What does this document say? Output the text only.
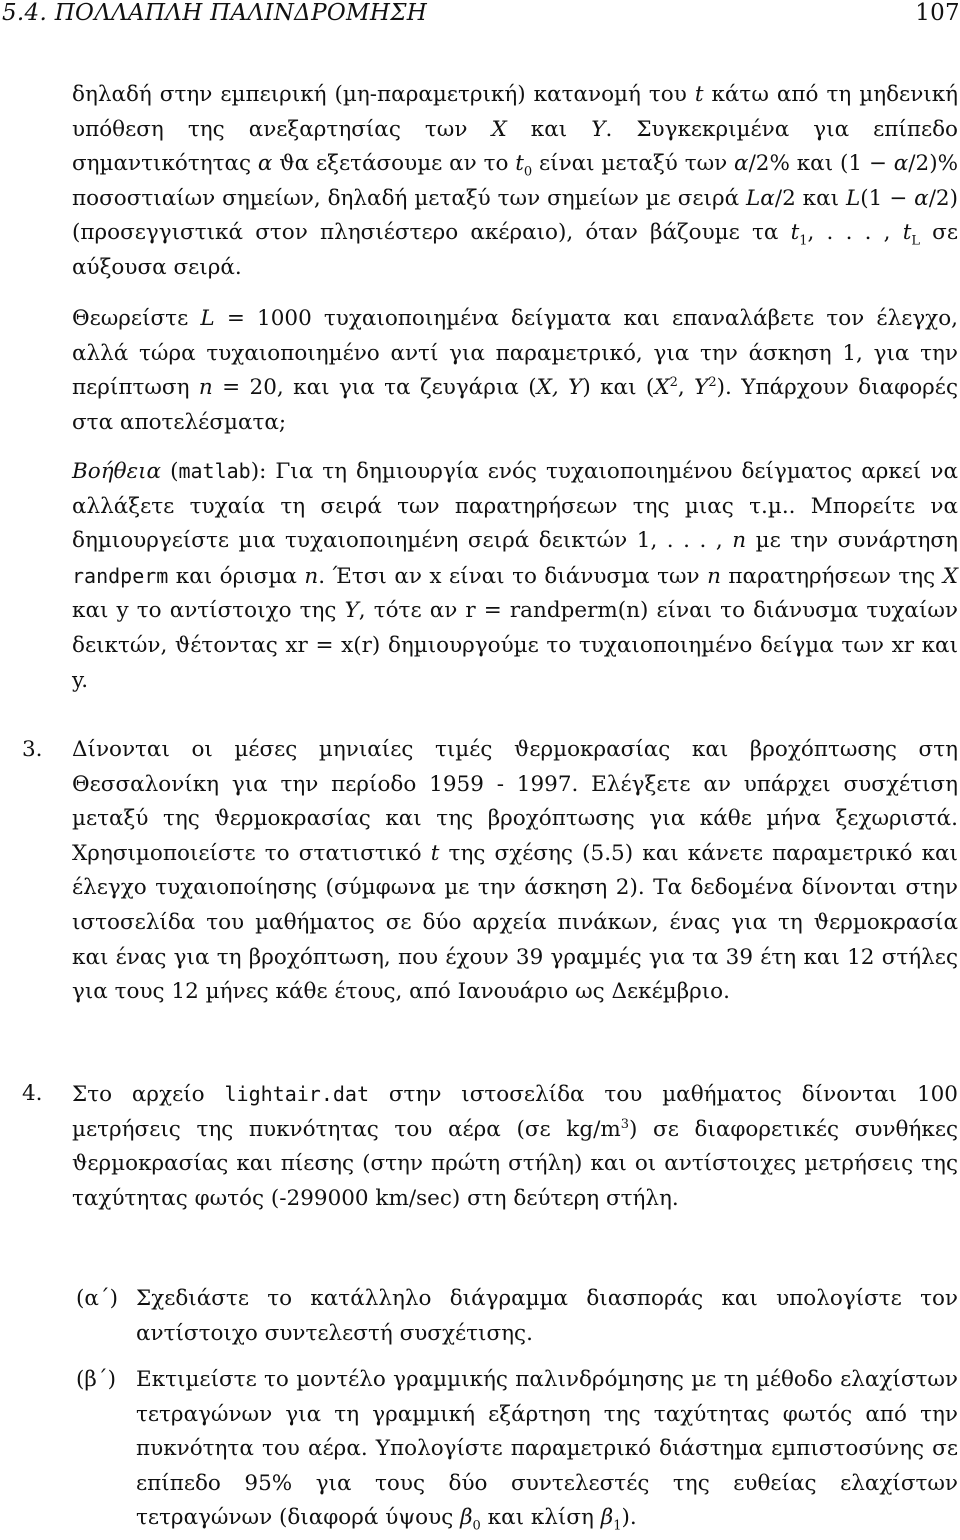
5.4. ΠΟΛΛΑΠΛΗ ΠΑΛΙΝΔΡΟΜΗΣΗ	107

δηλαδή στην εµπειρική (µη-παραµετρική) κατανοµή του t κάτω από τη µηδενική υπόθεση της ανεξαρτησίας των X και Y. Συγκεκριµένα για επίπεδο σηµαντικότητας α ϑα εξετάσουµε αν το $t_0$ είναι µεταξύ των α/2% και (1 − α/2)% ποσοστιαίων σηµείων, δηλαδή µεταξύ των σηµείων µε σειρά Lα/2 και L(1 − α/2) (προσεγγιστικά στον πλησιέστερο ακέραιο), όταν βάζουµε τα $t_1$, . . . , $t_L$ σε αύξουσα σειρά.

Θεωρείστε L = 1000 τυχαιοποιηµένα δείγµατα και επαναλάβετε τον έλεγχο, αλλά τώρα τυχαιοποιηµένο αντί για παραµετρικό, για την άσκηση 1, για την περίπτωση n = 20, και για τα ζευγάρια (X, Y) και ($X^2$, $Y^2$). Υπάρχουν διαφορές στα αποτελέσµατα;

Βοήθεια (matlab): Για τη δηµιουργία ενός τυχαιοποιηµένου δείγµατος αρκεί να αλλάξετε τυχαία τη σειρά των παρατηρήσεων της µιας τ.µ.. Μπορείτε να δηµιουργείστε µια τυχαιοποιηµένη σειρά δεικτών 1, . . . , n µε την συνάρτηση randperm και όρισµα n. Έτσι αν x είναι το διάνυσµα των n παρατηρήσεων της X και y το αντίστοιχο της Y, τότε αν r = randperm(n) είναι το διάνυσµα τυχαίων δεικτών, ϑέτοντας xr = x(r) δηµιουργούµε το τυχαιοποιηµένο δείγµα των xr και y.

3. Δίνονται οι µέσες µηνιαίες τιµές ϑερµοκρασίας και βροχόπτωσης στη Θεσσαλονίκη για την περίοδο 1959 - 1997. Ελέγξετε αν υπάρχει συσχέτιση µεταξύ της ϑερµοκρασίας και της βροχόπτωσης για κάθε µήνα ξεχωριστά. Χρησιµοποιείστε το στατιστικό t της σχέσης (5.5) και κάνετε παραµετρικό και έλεγχο τυχαιοποίησης (σύµφωνα µε την άσκηση 2). Τα δεδοµένα δίνονται στην ιστοσελίδα του µαθήµατος σε δύο αρχεία πινάκων, ένας για τη ϑερµοκρασία και ένας για τη βροχόπτωση, που έχουν 39 γραµµές για τα 39 έτη και 12 στήλες για τους 12 µήνες κάθε έτους, από Ιανουάριο ως Δεκέµβριο.

4. Στο αρχείο lightair.dat στην ιστοσελίδα του µαθήµατος δίνονται 100 µετρήσεις της πυκνότητας του αέρα (σε $kg/m^3$) σε διαφορετικές συνθήκες ϑερµοκρασίας και πίεσης (στην πρώτη στήλη) και οι αντίστοιχες µετρήσεις της ταχύτητας φωτός (-299000 km/sec) στη δεύτερη στήλη.

(α΄) Σχεδιάστε το κατάλληλο διάγραµµα διασποράς και υπολογίστε τον αντίστοιχο συντελεστή συσχέτισης.

(β΄) Εκτιµείστε το µοντέλο γραµµικής παλινδρόµησης µε τη µέθοδο ελαχίστων τετραγώνων για τη γραµµική εξάρτηση της ταχύτητας φωτός από την πυκνότητα του αέρα. Υπολογίστε παραµετρικό διάστηµα εµπιστοσύνης σε επίπεδο 95% για τους δύο συντελεστές της ευθείας ελαχίστων τετραγώνων (διαφορά ύψους $\beta_0$ και κλίση $\beta_1$).
